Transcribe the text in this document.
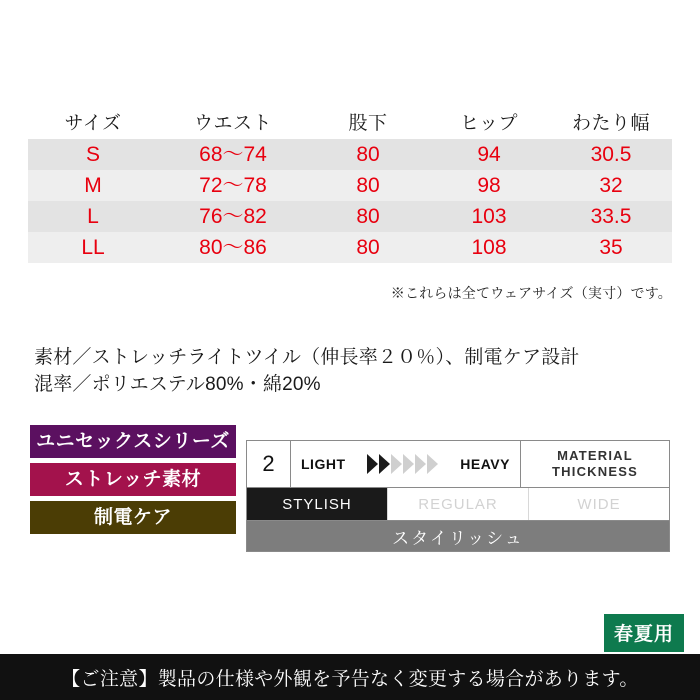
サイズ	ウエスト	股下	ヒップ	わたり幅
S	68〜74	80	94	30.5
M	72〜78	80	98	32
L	76〜82	80	103	33.5
LL	80〜86	80	108	35
※これらは全てウェアサイズ（実寸）です。
素材／ストレッチライトツイル（伸長率２０％）、制電ケア設計
混率／ポリエステル80%・綿20%
ユニセックスシリーズ
ストレッチ素材
制電ケア
2	LIGHT	HEAVY
MATERIAL
THICKNESS
STYLISH	REGULAR	WIDE
スタイリッシュ
春夏用
【ご注意】製品の仕様や外観を予告なく変更する場合があります。
